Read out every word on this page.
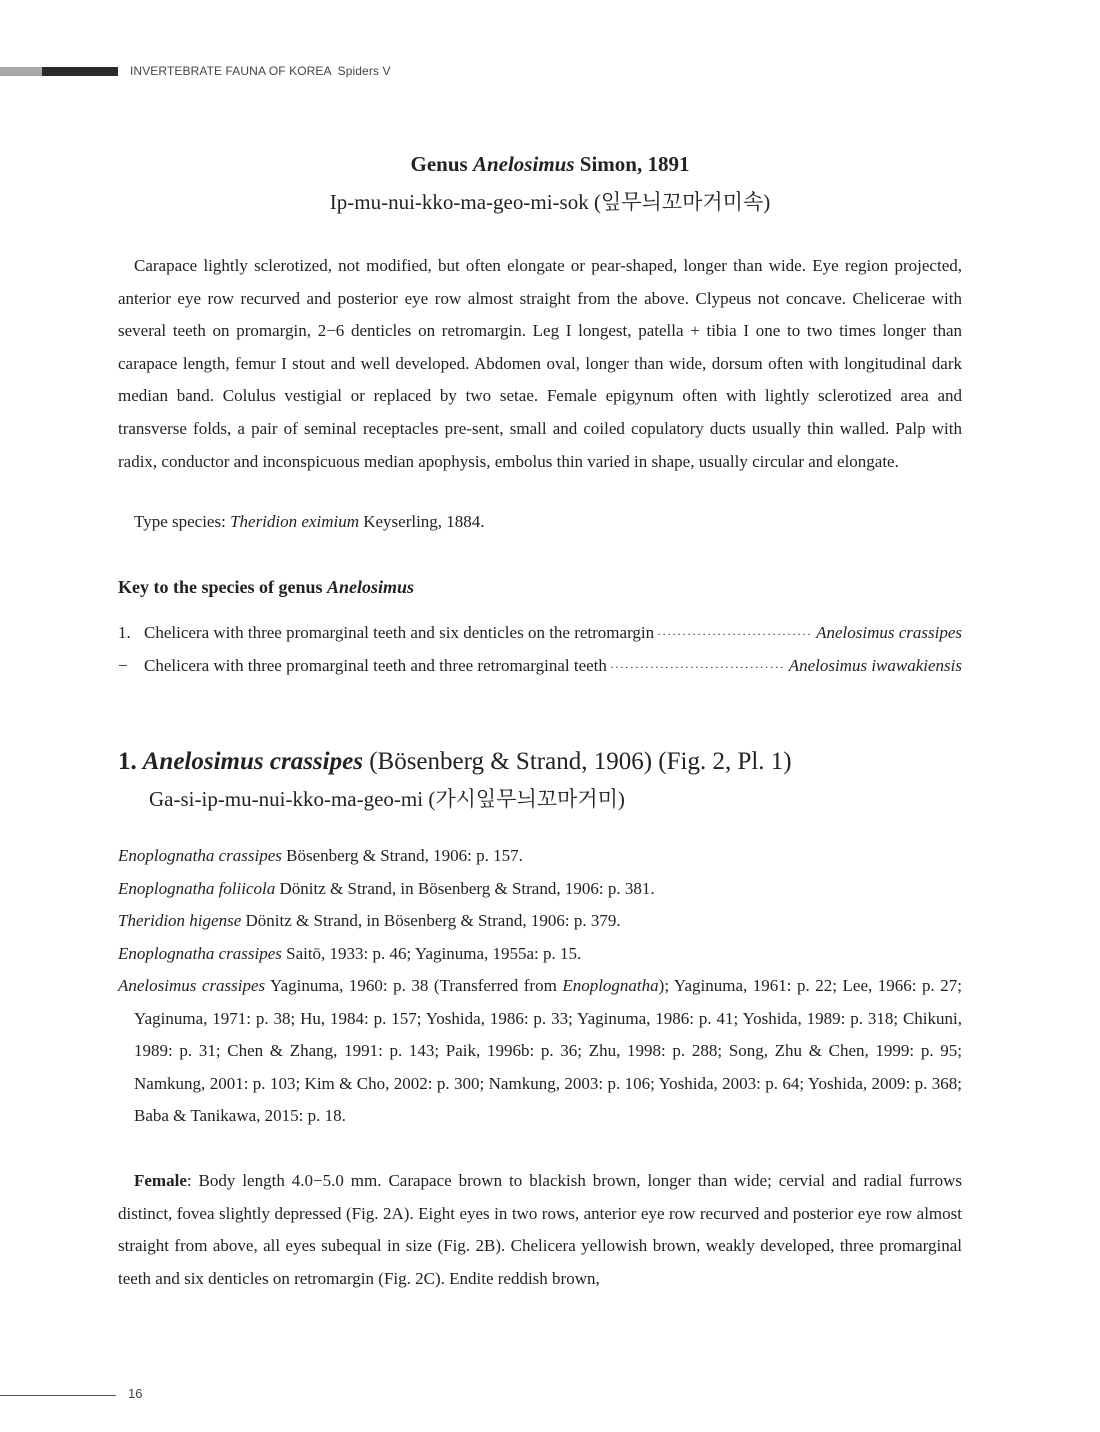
INVERTEBRATE FAUNA OF KOREA Spiders V
Genus Anelosimus Simon, 1891
Ip-mu-nui-kko-ma-geo-mi-sok (잎무늬꼬마거미속)
Carapace lightly sclerotized, not modified, but often elongate or pear-shaped, longer than wide. Eye region projected, anterior eye row recurved and posterior eye row almost straight from the above. Clypeus not concave. Chelicerae with several teeth on promargin, 2−6 denticles on retromargin. Leg I longest, patella + tibia I one to two times longer than carapace length, femur I stout and well developed. Abdomen oval, longer than wide, dorsum often with longitudinal dark median band. Colulus vestigial or replaced by two setae. Female epigynum often with lightly sclerotized area and transverse folds, a pair of seminal receptacles pre-sent, small and coiled copulatory ducts usually thin walled. Palp with radix, conductor and inconspicuous median apophysis, embolus thin varied in shape, usually circular and elongate.
Type species: Theridion eximium Keyserling, 1884.
Key to the species of genus Anelosimus
1. Chelicera with three promarginal teeth and six denticles on the retromargin ·····	Anelosimus crassipes
− Chelicera with three promarginal teeth and three retromarginal teeth ·····	Anelosimus iwawakiensis
1. Anelosimus crassipes (Bösenberg & Strand, 1906) (Fig. 2, Pl. 1)
Ga-si-ip-mu-nui-kko-ma-geo-mi (가시잎무늬꼬마거미)
Enoplognatha crassipes Bösenberg & Strand, 1906: p. 157.
Enoplognatha foliicola Dönitz & Strand, in Bösenberg & Strand, 1906: p. 381.
Theridion higense Dönitz & Strand, in Bösenberg & Strand, 1906: p. 379.
Enoplognatha crassipes Saitō, 1933: p. 46; Yaginuma, 1955a: p. 15.
Anelosimus crassipes Yaginuma, 1960: p. 38 (Transferred from Enoplognatha); Yaginuma, 1961: p. 22; Lee, 1966: p. 27; Yaginuma, 1971: p. 38; Hu, 1984: p. 157; Yoshida, 1986: p. 33; Yaginuma, 1986: p. 41; Yoshida, 1989: p. 318; Chikuni, 1989: p. 31; Chen & Zhang, 1991: p. 143; Paik, 1996b: p. 36; Zhu, 1998: p. 288; Song, Zhu & Chen, 1999: p. 95; Namkung, 2001: p. 103; Kim & Cho, 2002: p. 300; Namkung, 2003: p. 106; Yoshida, 2003: p. 64; Yoshida, 2009: p. 368; Baba & Tanikawa, 2015: p. 18.
Female: Body length 4.0−5.0 mm. Carapace brown to blackish brown, longer than wide; cervial and radial furrows distinct, fovea slightly depressed (Fig. 2A). Eight eyes in two rows, anterior eye row recurved and posterior eye row almost straight from above, all eyes subequal in size (Fig. 2B). Chelicera yellowish brown, weakly developed, three promarginal teeth and six denticles on retromargin (Fig. 2C). Endite reddish brown,
16
